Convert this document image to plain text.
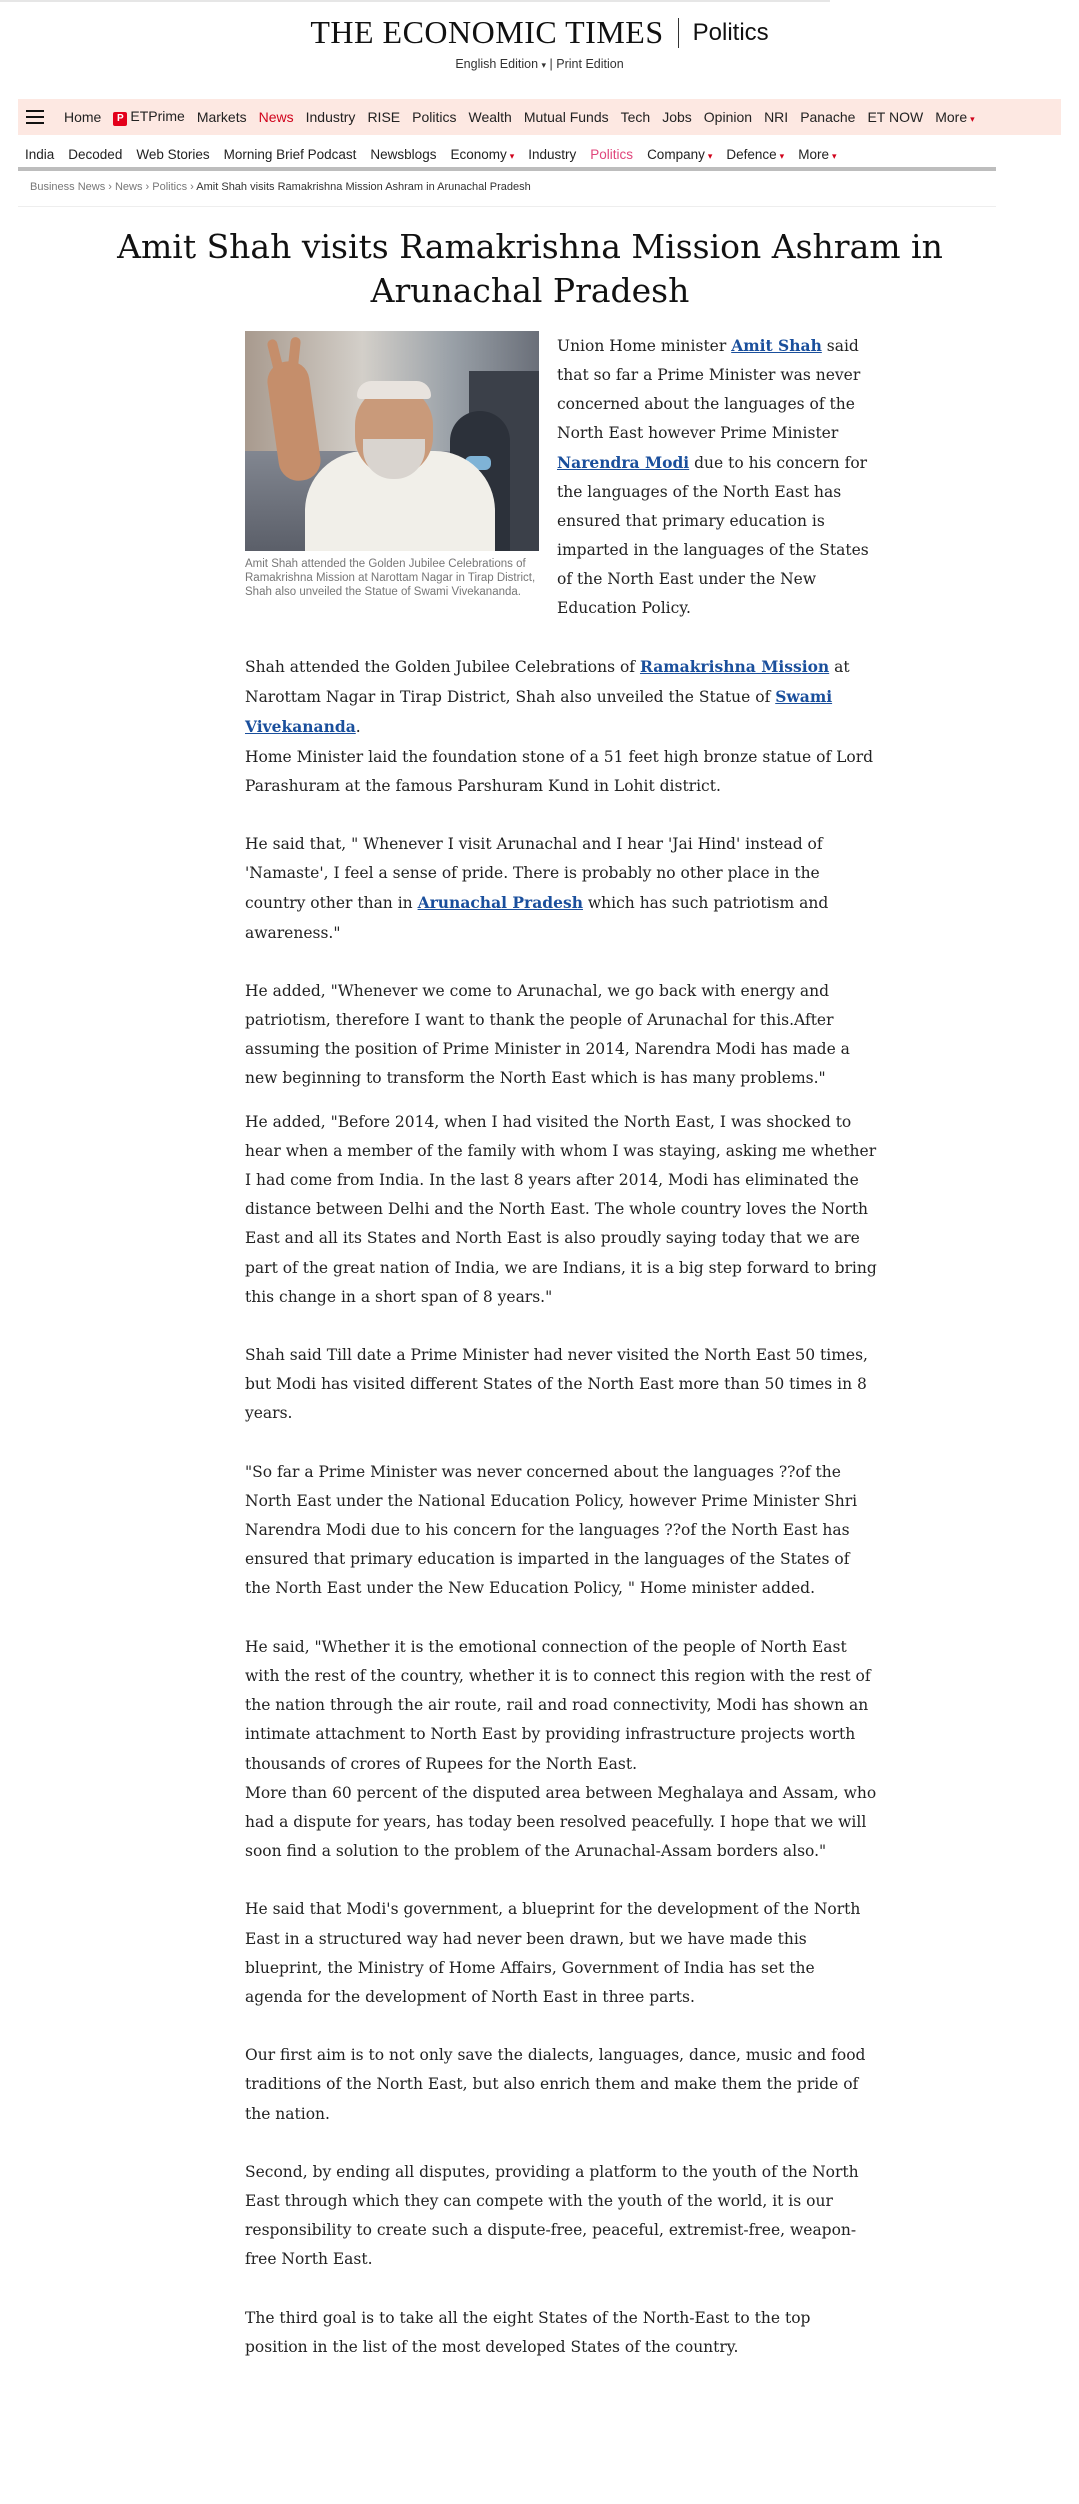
THE ECONOMIC TIMES Politics
English Edition ▾ | Print Edition
Home	P ETPrime Markets News Industry RISE Politics Wealth Mutual Funds Tech Jobs Opinion NRI Panache ET NOW More ▾
India	Decoded	Web Stories	Morning Brief Podcast	Newsblogs	Economy ▾	Industry	Politics	Company ▾	Defence ▾	More ▾
Business News › News › Politics › Amit Shah visits Ramakrishna Mission Ashram in Arunachal Pradesh
Amit Shah visits Ramakrishna Mission Ashram in Arunachal Pradesh
Amit Shah attended the Golden Jubilee Celebrations of Ramakrishna Mission at Narottam Nagar in Tirap District, Shah also unveiled the Statue of Swami Vivekananda.
Union Home minister Amit Shah said that so far a Prime Minister was never concerned about the languages of the North East however Prime Minister Narendra Modi due to his concern for the languages of the North East has ensured that primary education is imparted in the languages of the States of the North East under the New Education Policy.

Shah attended the Golden Jubilee Celebrations of Ramakrishna Mission at Narottam Nagar in Tirap District, Shah also unveiled the Statue of Swami Vivekananda.

Home Minister laid the foundation stone of a 51 feet high bronze statue of Lord Parashuram at the famous Parshuram Kund in Lohit district.

He said that, " Whenever I visit Arunachal and I hear 'Jai Hind' instead of 'Namaste', I feel a sense of pride. There is probably no other place in the country other than in Arunachal Pradesh which has such patriotism and awareness."

He added, "Whenever we come to Arunachal, we go back with energy and patriotism, therefore I want to thank the people of Arunachal for this.After assuming the position of Prime Minister in 2014, Narendra Modi has made a new beginning to transform the North East which is has many problems."

He added, "Before 2014, when I had visited the North East, I was shocked to hear when a member of the family with whom I was staying, asking me whether I had come from India. In the last 8 years after 2014, Modi has eliminated the distance between Delhi and the North East. The whole country loves the North East and all its States and North East is also proudly saying today that we are part of the great nation of India, we are Indians, it is a big step forward to bring this change in a short span of 8 years."

Shah said Till date a Prime Minister had never visited the North East 50 times, but Modi has visited different States of the North East more than 50 times in 8 years.

"So far a Prime Minister was never concerned about the languages ??of the North East under the National Education Policy, however Prime Minister Shri Narendra Modi due to his concern for the languages ??of the North East has ensured that primary education is imparted in the languages of the States of the North East under the New Education Policy, " Home minister added.

He said, "Whether it is the emotional connection of the people of North East with the rest of the country, whether it is to connect this region with the rest of the nation through the air route, rail and road connectivity, Modi has shown an intimate attachment to North East by providing infrastructure projects worth thousands of crores of Rupees for the North East.

More than 60 percent of the disputed area between Meghalaya and Assam, who had a dispute for years, has today been resolved peacefully. I hope that we will soon find a solution to the problem of the Arunachal-Assam borders also."

He said that Modi's government, a blueprint for the development of the North East in a structured way had never been drawn, but we have made this blueprint, the Ministry of Home Affairs, Government of India has set the agenda for the development of North East in three parts.

Our first aim is to not only save the dialects, languages, dance, music and food traditions of the North East, but also enrich them and make them the pride of the nation.

Second, by ending all disputes, providing a platform to the youth of the North East through which they can compete with the youth of the world, it is our responsibility to create such a dispute-free, peaceful, extremist-free, weapon-free North East.

The third goal is to take all the eight States of the North-East to the top position in the list of the most developed States of the country.
